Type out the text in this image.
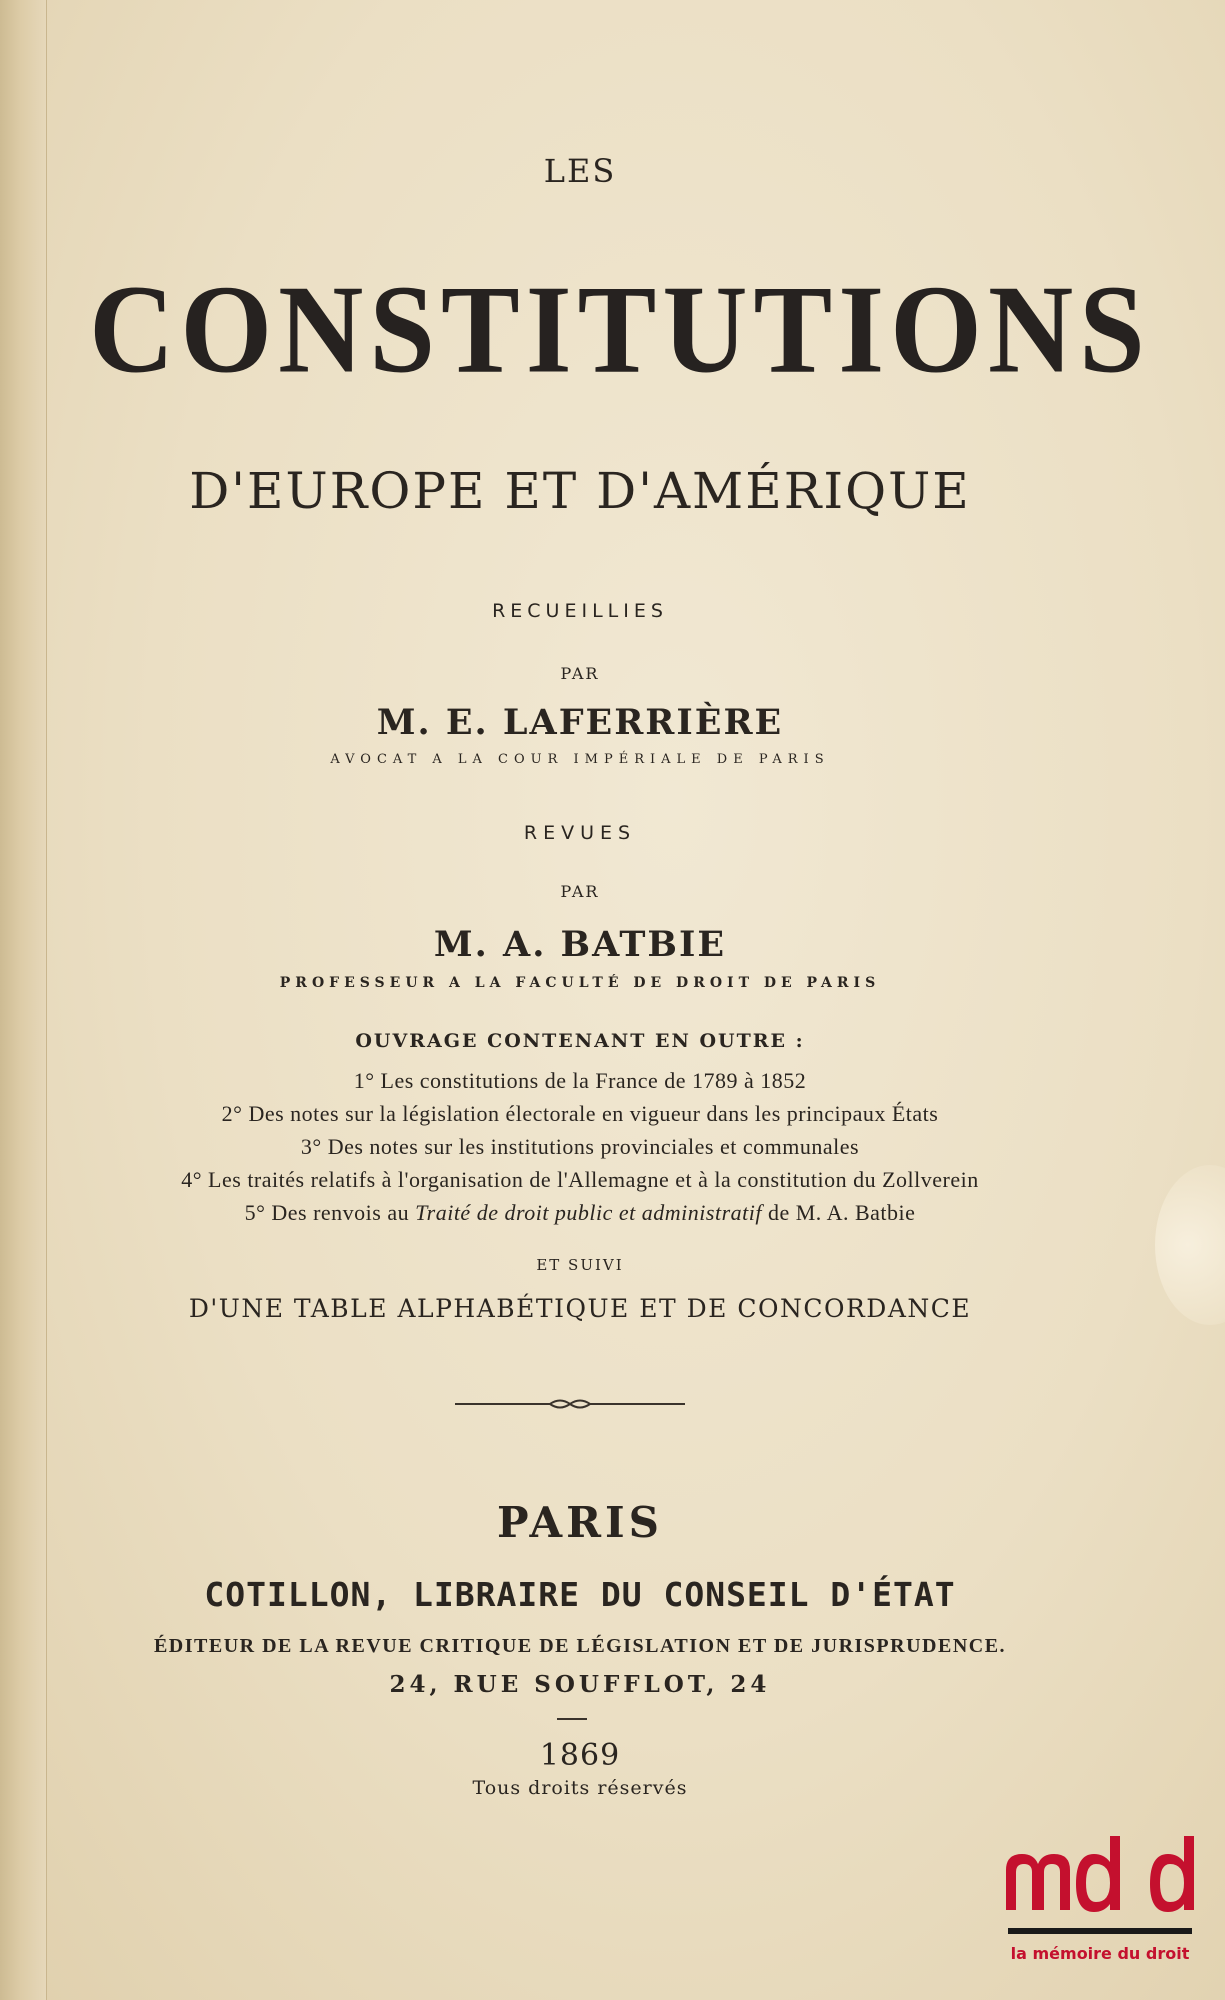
LES
CONSTITUTIONS
D'EUROPE ET D'AMÉRIQUE
RECUEILLIES
PAR
M. E. LAFERRIÈRE
AVOCAT A LA COUR IMPÉRIALE DE PARIS
REVUES
PAR
M. A. BATBIE
PROFESSEUR A LA FACULTÉ DE DROIT DE PARIS
OUVRAGE CONTENANT EN OUTRE :
1° Les constitutions de la France de 1789 à 1852
2° Des notes sur la législation électorale en vigueur dans les principaux États
3° Des notes sur les institutions provinciales et communales
4° Les traités relatifs à l'organisation de l'Allemagne et à la constitution du Zollverein
5° Des renvois au Traité de droit public et administratif de M. A. Batbie
ET SUIVI
D'UNE TABLE ALPHABÉTIQUE ET DE CONCORDANCE
PARIS
COTILLON, LIBRAIRE DU CONSEIL D'ÉTAT
ÉDITEUR DE LA REVUE CRITIQUE DE LÉGISLATION ET DE JURISPRUDENCE.
24, RUE SOUFFLOT, 24
1869
Tous droits réservés
la mémoire du droit
